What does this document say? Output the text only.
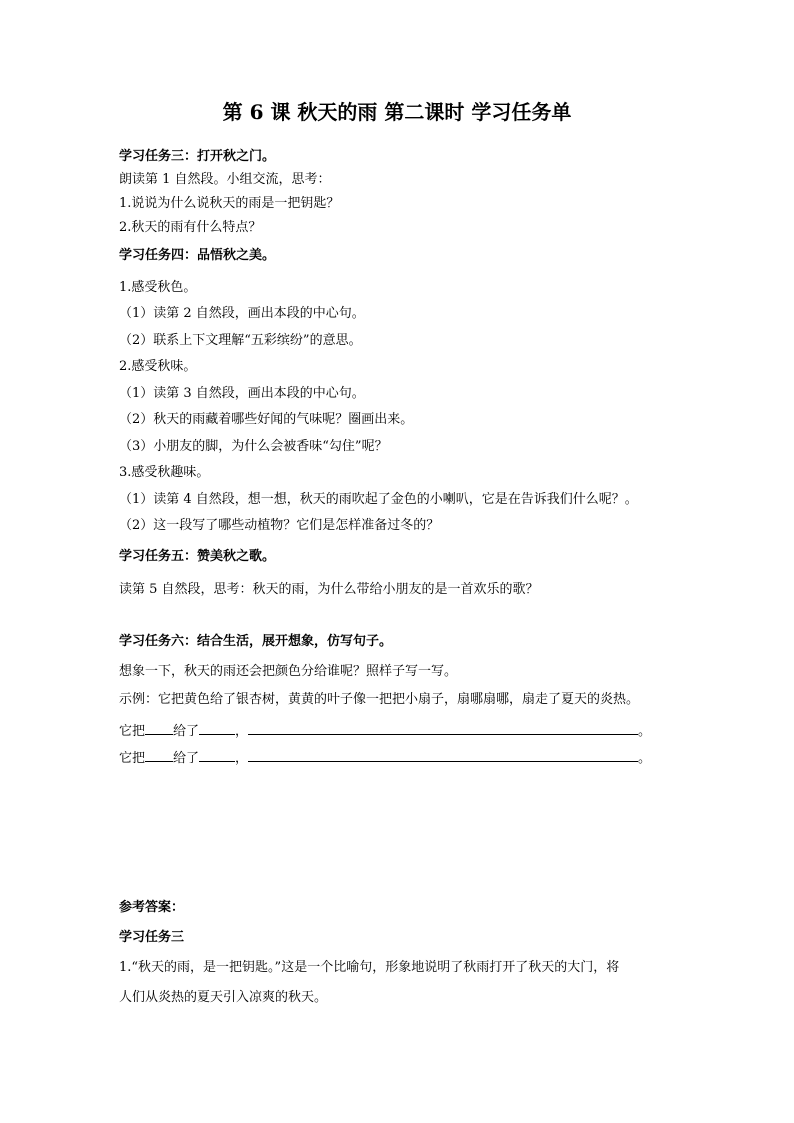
第 6 课 秋天的雨 第二课时 学习任务单
学习任务三：打开秋之门。
朗读第 1 自然段。小组交流，思考：
1.说说为什么说秋天的雨是一把钥匙？
2.秋天的雨有什么特点？
学习任务四：品悟秋之美。
1.感受秋色。
（1）读第 2 自然段，画出本段的中心句。
（2）联系上下文理解“五彩缤纷”的意思。
2.感受秋味。
（1）读第 3 自然段，画出本段的中心句。
（2）秋天的雨藏着哪些好闻的气味呢？圈画出来。
（3）小朋友的脚，为什么会被香味“勾住”呢？
3.感受秋趣味。
（1）读第 4 自然段，想一想，秋天的雨吹起了金色的小喇叭，它是在告诉我们什么呢？。
（2）这一段写了哪些动植物？它们是怎样准备过冬的？
学习任务五：赞美秋之歌。
读第 5 自然段，思考：秋天的雨，为什么带给小朋友的是一首欢乐的歌？
学习任务六：结合生活，展开想象，仿写句子。
想象一下，秋天的雨还会把颜色分给谁呢？照样子写一写。
示例：它把黄色给了银杏树，黄黄的叶子像一把把小扇子，扇哪扇哪，扇走了夏天的炎热。
它把 给了	，	。
它把 给了	，	。
参考答案：
学习任务三
1.“秋天的雨，是一把钥匙。”这是一个比喻句，形象地说明了秋雨打开了秋天的大门，将
人们从炎热的夏天引入凉爽的秋天。
